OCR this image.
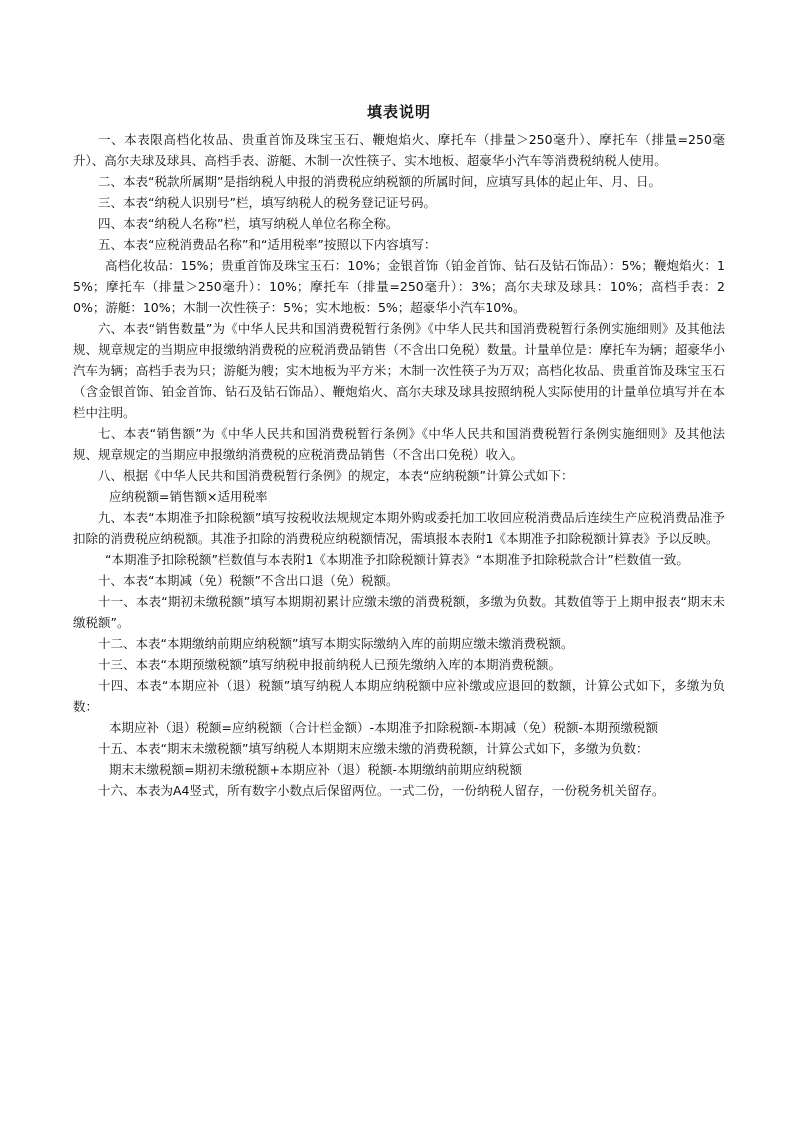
填表说明

一、本表限高档化妆品、贵重首饰及珠宝玉石、鞭炮焰火、摩托车（排量＞250毫升）、摩托车（排量=250毫升）、高尔夫球及球具、高档手表、游艇、木制一次性筷子、实木地板、超豪华小汽车等消费税纳税人使用。

二、本表“税款所属期”是指纳税人申报的消费税应纳税额的所属时间，应填写具体的起止年、月、日。

三、本表“纳税人识别号”栏，填写纳税人的税务登记证号码。

四、本表“纳税人名称”栏，填写纳税人单位名称全称。

五、本表“应税消费品名称”和“适用税率”按照以下内容填写：

高档化妆品：15%；贵重首饰及珠宝玉石：10%；金银首饰（铂金首饰、钻石及钻石饰品）：5%；鞭炮焰火：15%；摩托车（排量＞250毫升）：10%；摩托车（排量=250毫升）：3%；高尔夫球及球具：10%；高档手表：20%；游艇：10%；木制一次性筷子：5%；实木地板：5%；超豪华小汽车10%。

六、本表“销售数量”为《中华人民共和国消费税暂行条例》《中华人民共和国消费税暂行条例实施细则》及其他法规、规章规定的当期应申报缴纳消费税的应税消费品销售（不含出口免税）数量。计量单位是：摩托车为辆；超豪华小汽车为辆；高档手表为只；游艇为艘；实木地板为平方米；木制一次性筷子为万双；高档化妆品、贵重首饰及珠宝玉石（含金银首饰、铂金首饰、钻石及钻石饰品）、鞭炮焰火、高尔夫球及球具按照纳税人实际使用的计量单位填写并在本栏中注明。

七、本表“销售额”为《中华人民共和国消费税暂行条例》《中华人民共和国消费税暂行条例实施细则》及其他法规、规章规定的当期应申报缴纳消费税的应税消费品销售（不含出口免税）收入。

八、根据《中华人民共和国消费税暂行条例》的规定，本表“应纳税额”计算公式如下：

应纳税额=销售额×适用税率

九、本表“本期准予扣除税额”填写按税收法规规定本期外购或委托加工收回应税消费品后连续生产应税消费品准予扣除的消费税应纳税额。其准予扣除的消费税应纳税额情况，需填报本表附1《本期准予扣除税额计算表》予以反映。

“本期准予扣除税额”栏数值与本表附1《本期准予扣除税额计算表》“本期准予扣除税款合计”栏数值一致。

十、本表“本期减（免）税额”不含出口退（免）税额。

十一、本表“期初未缴税额”填写本期期初累计应缴未缴的消费税额，多缴为负数。其数值等于上期申报表“期末未缴税额”。

十二、本表“本期缴纳前期应纳税额”填写本期实际缴纳入库的前期应缴未缴消费税额。

十三、本表“本期预缴税额”填写纳税申报前纳税人已预先缴纳入库的本期消费税额。

十四、本表“本期应补（退）税额”填写纳税人本期应纳税额中应补缴或应退回的数额，计算公式如下，多缴为负数：

本期应补（退）税额=应纳税额（合计栏金额）-本期准予扣除税额-本期减（免）税额-本期预缴税额

十五、本表“期末未缴税额”填写纳税人本期期末应缴未缴的消费税额，计算公式如下，多缴为负数：

期末未缴税额=期初未缴税额+本期应补（退）税额-本期缴纳前期应纳税额

十六、本表为A4竖式，所有数字小数点后保留两位。一式二份，一份纳税人留存，一份税务机关留存。
